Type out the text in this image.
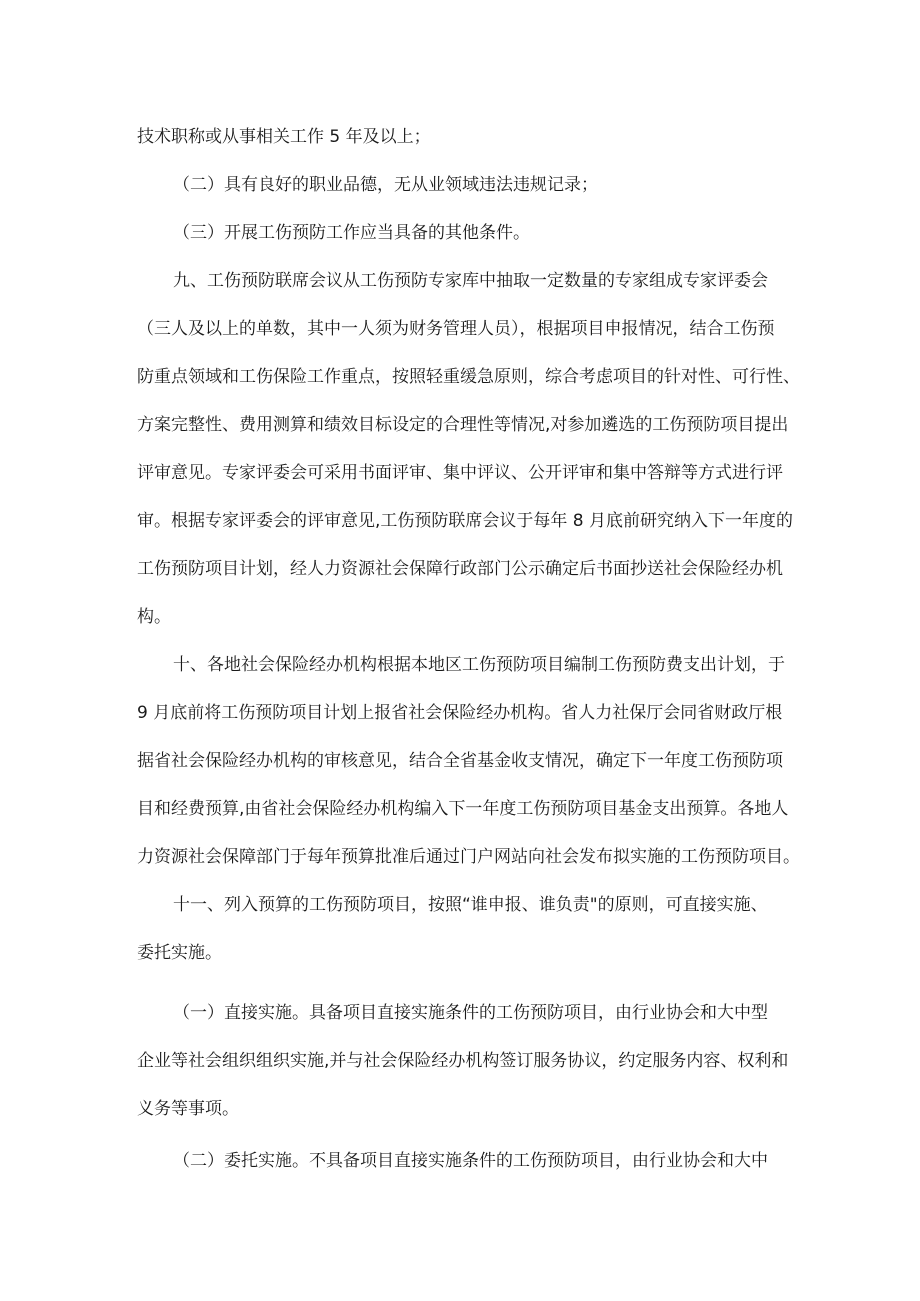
技术职称或从事相关工作 5 年及以上；

（二）具有良好的职业品德，无从业领域违法违规记录；

（三）开展工伤预防工作应当具备的其他条件。

九、工伤预防联席会议从工伤预防专家库中抽取一定数量的专家组成专家评委会

（三人及以上的单数，其中一人须为财务管理人员），根据项目申报情况，结合工伤预

防重点领域和工伤保险工作重点，按照轻重缓急原则，综合考虑项目的针对性、可行性、

方案完整性、费用测算和绩效目标设定的合理性等情况,对参加遴选的工伤预防项目提出

评审意见。专家评委会可采用书面评审、集中评议、公开评审和集中答辩等方式进行评

审。根据专家评委会的评审意见,工伤预防联席会议于每年 8 月底前研究纳入下一年度的

工伤预防项目计划，经人力资源社会保障行政部门公示确定后书面抄送社会保险经办机

构。

十、各地社会保险经办机构根据本地区工伤预防项目编制工伤预防费支出计划，于

9 月底前将工伤预防项目计划上报省社会保险经办机构。省人力社保厅会同省财政厅根

据省社会保险经办机构的审核意见，结合全省基金收支情况，确定下一年度工伤预防项

目和经费预算,由省社会保险经办机构编入下一年度工伤预防项目基金支出预算。各地人

力资源社会保障部门于每年预算批准后通过门户网站向社会发布拟实施的工伤预防项目。

十一、列入预算的工伤预防项目，按照“谁申报、谁负责"的原则，可直接实施、

委托实施。

（一）直接实施。具备项目直接实施条件的工伤预防项目，由行业协会和大中型

企业等社会组织组织实施,并与社会保险经办机构签订服务协议，约定服务内容、权利和

义务等事项。

（二）委托实施。不具备项目直接实施条件的工伤预防项目，由行业协会和大中
